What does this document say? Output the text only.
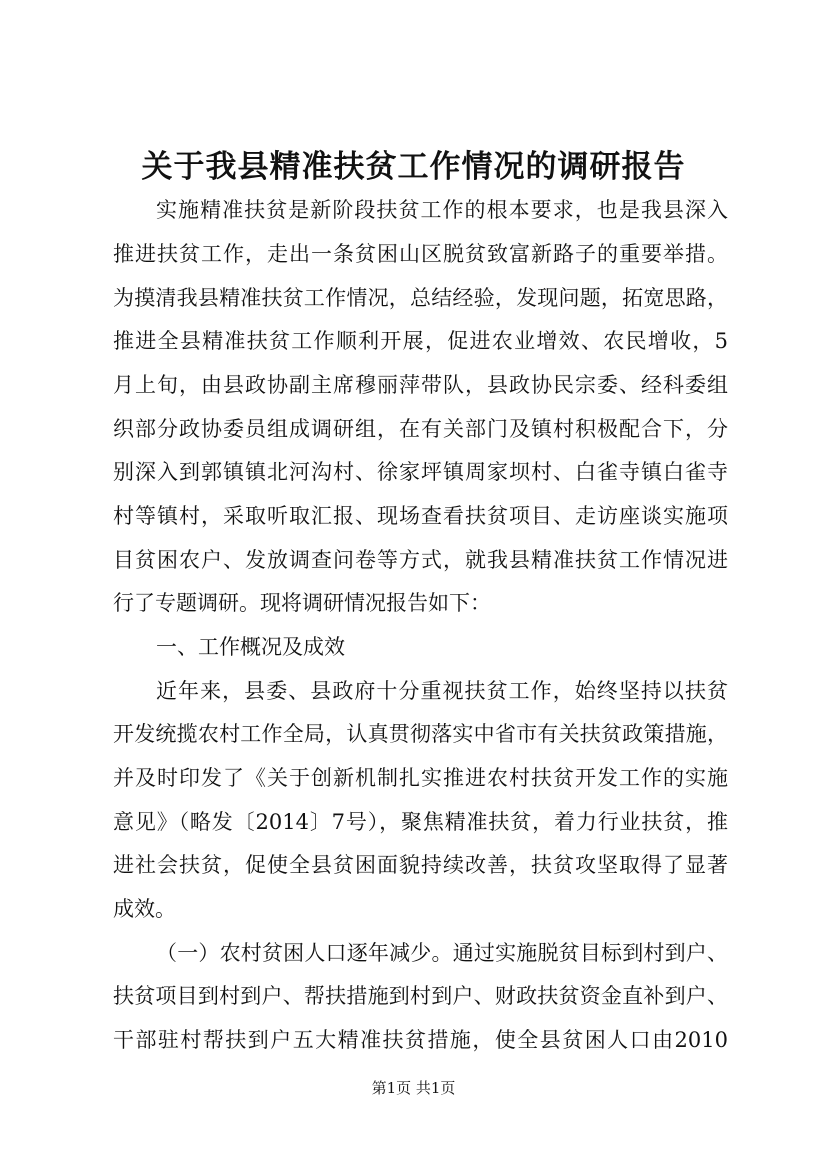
关于我县精准扶贫工作情况的调研报告
实施精准扶贫是新阶段扶贫工作的根本要求，也是我县深入
推进扶贫工作，走出一条贫困山区脱贫致富新路子的重要举措。
为摸清我县精准扶贫工作情况，总结经验，发现问题，拓宽思路，
推进全县精准扶贫工作顺利开展，促进农业增效、农民增收，5
月上旬，由县政协副主席穆丽萍带队，县政协民宗委、经科委组
织部分政协委员组成调研组，在有关部门及镇村积极配合下，分
别深入到郭镇镇北河沟村、徐家坪镇周家坝村、白雀寺镇白雀寺
村等镇村，采取听取汇报、现场查看扶贫项目、走访座谈实施项
目贫困农户、发放调查问卷等方式，就我县精准扶贫工作情况进
行了专题调研。现将调研情况报告如下：
一、工作概况及成效
近年来，县委、县政府十分重视扶贫工作，始终坚持以扶贫
开发统揽农村工作全局，认真贯彻落实中省市有关扶贫政策措施，
并及时印发了《关于创新机制扎实推进农村扶贫开发工作的实施
意见》（略发〔2014〕7号），聚焦精准扶贫，着力行业扶贫，推
进社会扶贫，促使全县贫困面貌持续改善，扶贫攻坚取得了显著
成效。
（一）农村贫困人口逐年减少。通过实施脱贫目标到村到户、
扶贫项目到村到户、帮扶措施到村到户、财政扶贫资金直补到户、
干部驻村帮扶到户五大精准扶贫措施，使全县贫困人口由2010
第1页 共1页
